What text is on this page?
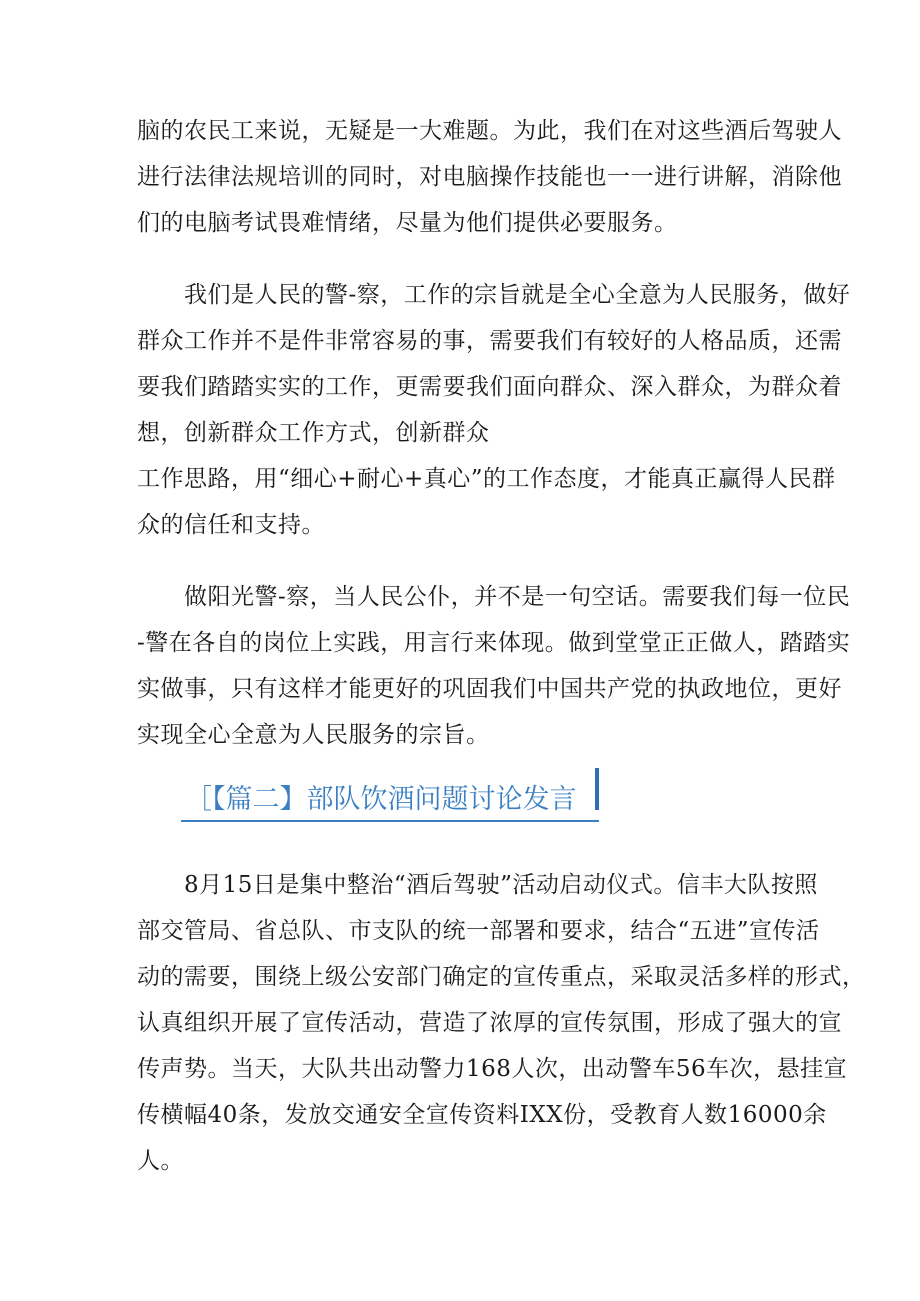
脑的农民工来说，无疑是一大难题。为此，我们在对这些酒后驾驶人
进行法律法规培训的同时，对电脑操作技能也一一进行讲解，消除他
们的电脑考试畏难情绪，尽量为他们提供必要服务。
　　我们是人民的警-察，工作的宗旨就是全心全意为人民服务，做好
群众工作并不是件非常容易的事，需要我们有较好的人格品质，还需
要我们踏踏实实的工作，更需要我们面向群众、深入群众，为群众着
想，创新群众工作方式，创新群众
工作思路，用“细心+耐心+真心”的工作态度，才能真正赢得人民群
众的信任和支持。
　　做阳光警-察，当人民公仆，并不是一句空话。需要我们每一位民
-警在各自的岗位上实践，用言行来体现。做到堂堂正正做人，踏踏实
实做事，只有这样才能更好的巩固我们中国共产党的执政地位，更好
实现全心全意为人民服务的宗旨。
［【篇二】部队饮酒问题讨论发言
　　8月15日是集中整治“酒后驾驶”活动启动仪式。信丰大队按照
部交管局、省总队、市支队的统一部署和要求，结合“五进”宣传活
动的需要，围绕上级公安部门确定的宣传重点，采取灵活多样的形式，
认真组织开展了宣传活动，营造了浓厚的宣传氛围，形成了强大的宣
传声势。当天，大队共出动警力168人次，出动警车56车次，悬挂宣
传横幅40条，发放交通安全宣传资料IXX份，受教育人数16000余
人。
